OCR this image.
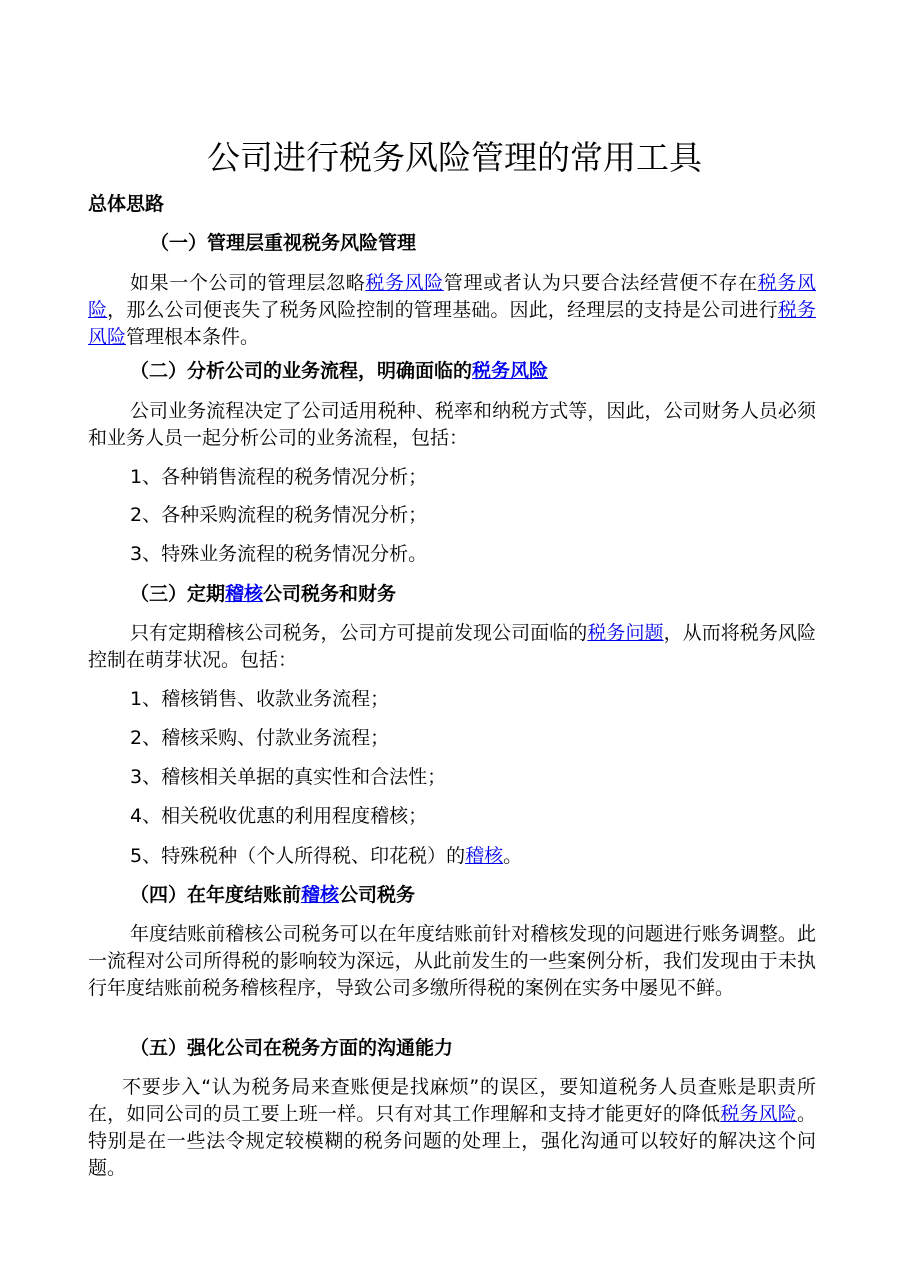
公司进行税务风险管理的常用工具

总体思路

（一）管理层重视税务风险管理

如果一个公司的管理层忽略税务风险管理或者认为只要合法经营便不存在税务风险，那么公司便丧失了税务风险控制的管理基础。因此，经理层的支持是公司进行税务风险管理根本条件。

（二）分析公司的业务流程，明确面临的税务风险

公司业务流程决定了公司适用税种、税率和纳税方式等，因此，公司财务人员必须和业务人员一起分析公司的业务流程，包括：

1、各种销售流程的税务情况分析；

2、各种采购流程的税务情况分析；

3、特殊业务流程的税务情况分析。

（三）定期稽核公司税务和财务

只有定期稽核公司税务，公司方可提前发现公司面临的税务问题，从而将税务风险控制在萌芽状况。包括：

1、稽核销售、收款业务流程；

2、稽核采购、付款业务流程；

3、稽核相关单据的真实性和合法性；

4、相关税收优惠的利用程度稽核；

5、特殊税种（个人所得税、印花税）的稽核。

（四）在年度结账前稽核公司税务

年度结账前稽核公司税务可以在年度结账前针对稽核发现的问题进行账务调整。此一流程对公司所得税的影响较为深远，从此前发生的一些案例分析，我们发现由于未执行年度结账前税务稽核程序，导致公司多缴所得税的案例在实务中屡见不鲜。

（五）强化公司在税务方面的沟通能力

不要步入“认为税务局来查账便是找麻烦”的误区，要知道税务人员查账是职责所在，如同公司的员工要上班一样。只有对其工作理解和支持才能更好的降低税务风险。特别是在一些法令规定较模糊的税务问题的处理上，强化沟通可以较好的解决这个问题。
